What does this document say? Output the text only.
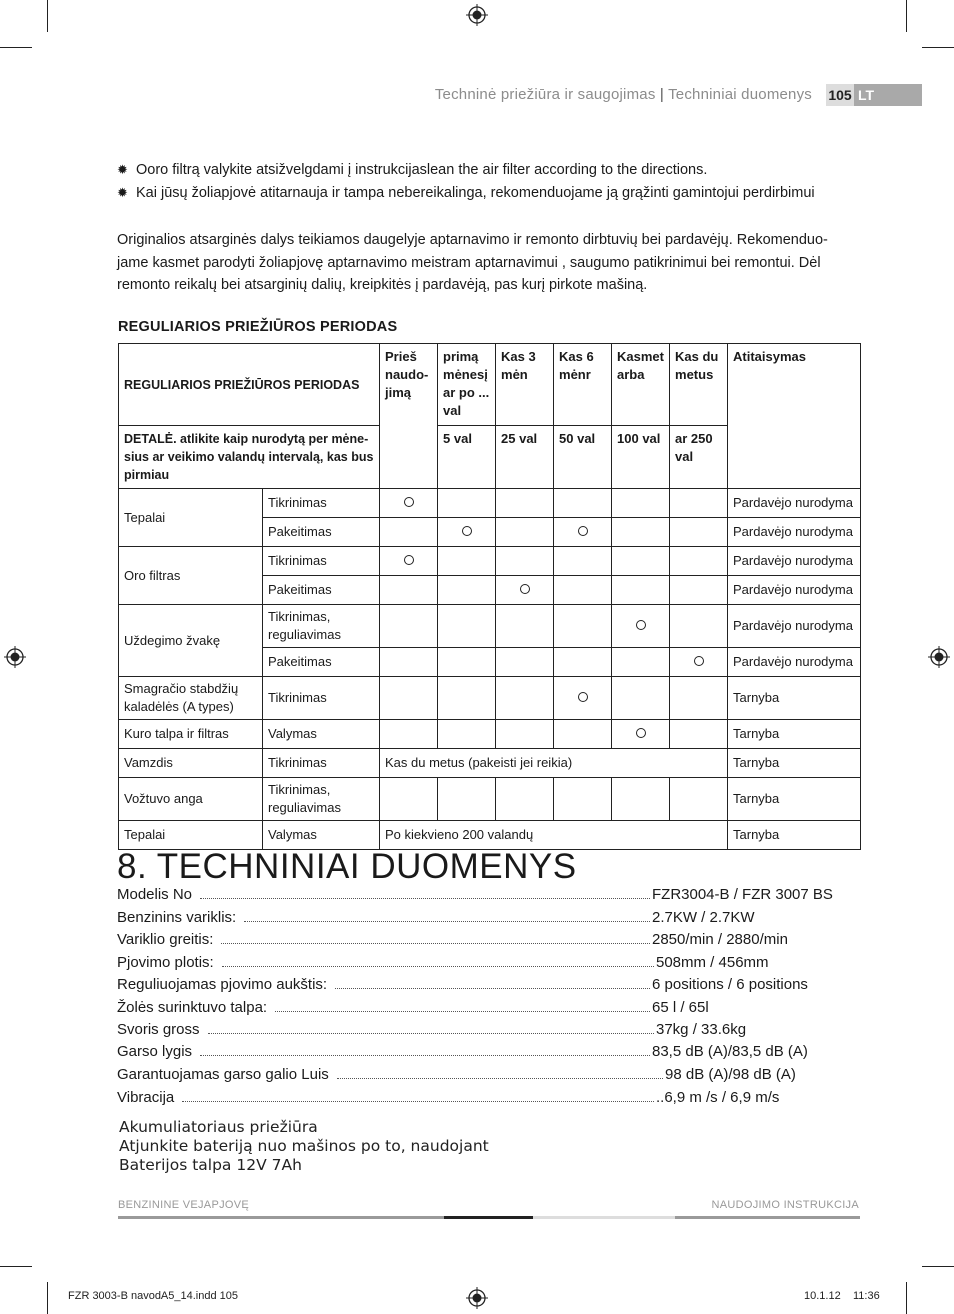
Techninė priežiūra ir saugojimas | Techniniai duomenys 105 LT
✹ Ooro filtrą valykite atsižvelgdami į instrukcijaslean the air filter according to the directions.
✹ Kai jūsų žoliapjovė atitarnauja ir tampa nebereikalinga, rekomenduojame ją grąžinti gamintojui perdirbimui
Originalios atsarginės dalys teikiamos daugelyje aptarnavimo ir remonto dirbtuvių bei pardavėjų. Rekomenduo-
jame kasmet parodyti žoliapjovę aptarnavimo meistram aptarnavimui , saugumo patikrinimui bei remontui. Dėl
remonto reikalų bei atsarginių dalių, kreipkitės į pardavėją, pas kurį pirkote mašiną.
REGULIARIOS PRIEŽIŪROS PERIODAS
REGULIARIOS PRIEŽIŪROS PERIODAS		Prieš naudo-jimą	primą mėnesį ar po ... val	Kas 3 mėn	Kas 6 mėnr	Kasmet arba	Kas du metus	Atitaisymas
DETALĖ. atlikite kaip nurodytą per mėne-sius ar veikimo valandų intervalą, kas bus pirmiau			5 val	25 val	50 val	100 val	ar 250 val	
Tepalai	Tikrinimas							Pardavėjo nurodyma
	Pakeitimas							Pardavėjo nurodyma
Oro filtras	Tikrinimas							Pardavėjo nurodyma
	Pakeitimas							Pardavėjo nurodyma
Uždegimo žvakę	Tikrinimas, reguliavimas							Pardavėjo nurodyma
	Pakeitimas							Pardavėjo nurodyma
Smagračio stabdžių kaladėlės (A types)	Tikrinimas							Tarnyba
Kuro talpa ir filtras	Valymas							Tarnyba
Vamzdis	Tikrinimas	Kas du metus (pakeisti jei reikia)						Tarnyba
Vožtuvo anga	Tikrinimas, reguliavimas							Tarnyba
Tepalai	Valymas	Po kiekvieno 200 valandų						Tarnyba
8. TECHNINIAI DUOMENYS
Modelis No	FZR3004-B / FZR 3007 BS
Benzinins variklis:	2.7KW / 2.7KW
Variklio greitis:	2850/min / 2880/min
Pjovimo plotis:	508mm / 456mm
Reguliuojamas pjovimo aukštis:	6 positions / 6 positions
Žolės surinktuvo talpa:	65 l / 65l
Svoris gross	37kg / 33.6kg
Garso lygis	83,5 dB (A)/83,5 dB (A)
Garantuojamas garso galio Luis	98 dB (A)/98 dB (A)
Vibracija	..6,9 m /s / 6,9 m/s
Akumuliatoriaus priežiūra
Atjunkite bateriją nuo mašinos po to, naudojant
Baterijos talpa 12V 7Ah
BENZININE VEJAPJOVĘ	NAUDOJIMO INSTRUKCIJA
FZR 3003-B navodA5_14.indd 105	10.1.12 11:36
